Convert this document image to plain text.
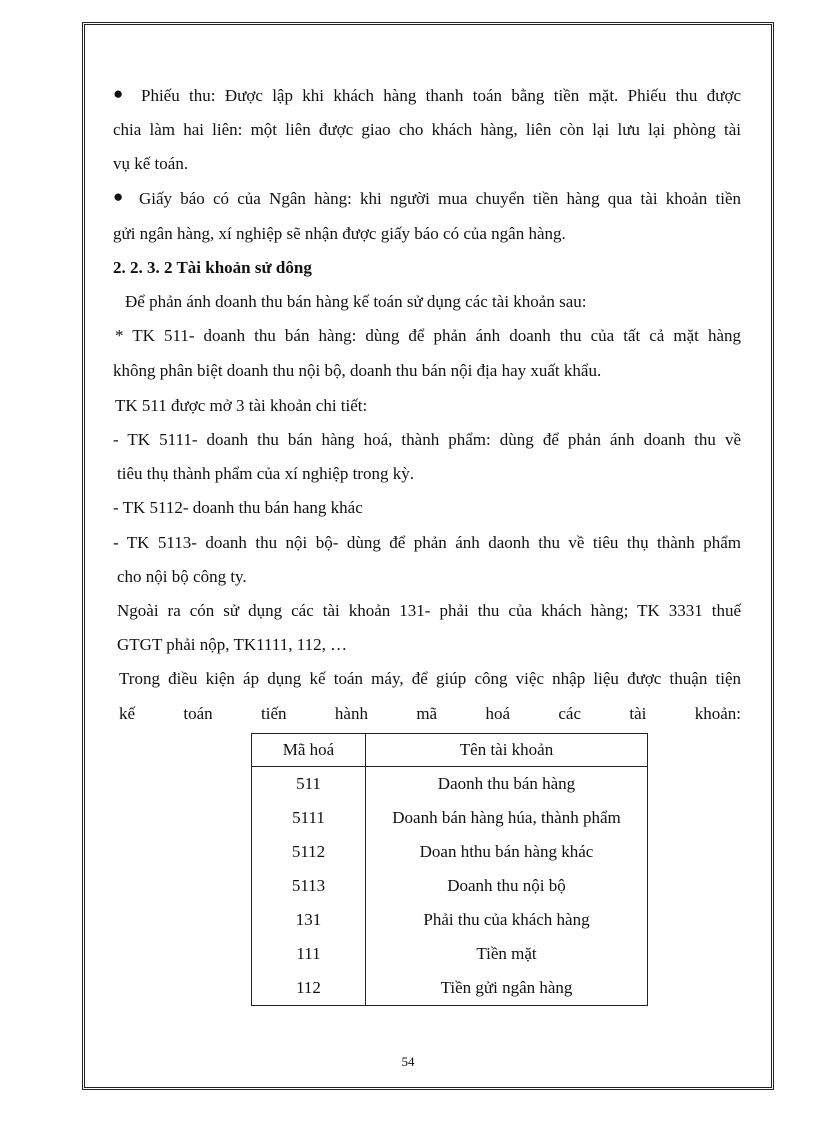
●
●
Phiếu thu: Được lập khi khách hàng thanh toán bằng tiền mặt. Phiếu thu được
chia làm hai liên: một liên được giao cho khách hàng, liên còn lại lưu lại phòng tài
vụ kế toán.
Giấy báo có của Ngân hàng: khi người mua chuyển tiền hàng qua tài khoản tiền
gửi ngân hàng, xí nghiệp sẽ nhận được giấy báo có của ngân hàng.
2. 2. 3. 2 Tài khoản sử dông
Để phản ánh doanh thu bán hàng kế toán sử dụng các tài khoản sau:
* TK 511- doanh thu bán hàng: dùng để phản ánh doanh thu của tất cả mặt hàng
không phân biệt doanh thu nội bộ, doanh thu bán nội địa hay xuất khẩu.
TK 511 được mở 3 tài khoản chi tiết:
- TK 5111- doanh thu bán hàng hoá, thành phẩm: dùng để phản ánh doanh thu về
tiêu thụ thành phẩm của xí nghiệp trong kỳ.
- TK 5112- doanh thu bán hang khác
- TK 5113- doanh thu nội bộ- dùng để phản ánh daonh thu về tiêu thụ thành phẩm
cho nội bộ công ty.
Ngoài ra cón sử dụng các tài khoản 131- phải thu của khách hàng; TK 3331 thuế
GTGT phải nộp, TK1111, 112, …
Trong điều kiện áp dụng kế toán máy, để giúp công việc nhập liệu được thuận tiện
kế toán tiến hành mã hoá các tài khoản:
Mã hoá	Tên tài khoản
511	Daonh thu bán hàng
5111	Doanh bán hàng húa, thành phẩm
5112	Doan hthu bán hàng khác
5113	Doanh thu nội bộ
131	Phải thu của khách hàng
111	Tiền mặt
112	Tiền gửi ngân hàng
54
